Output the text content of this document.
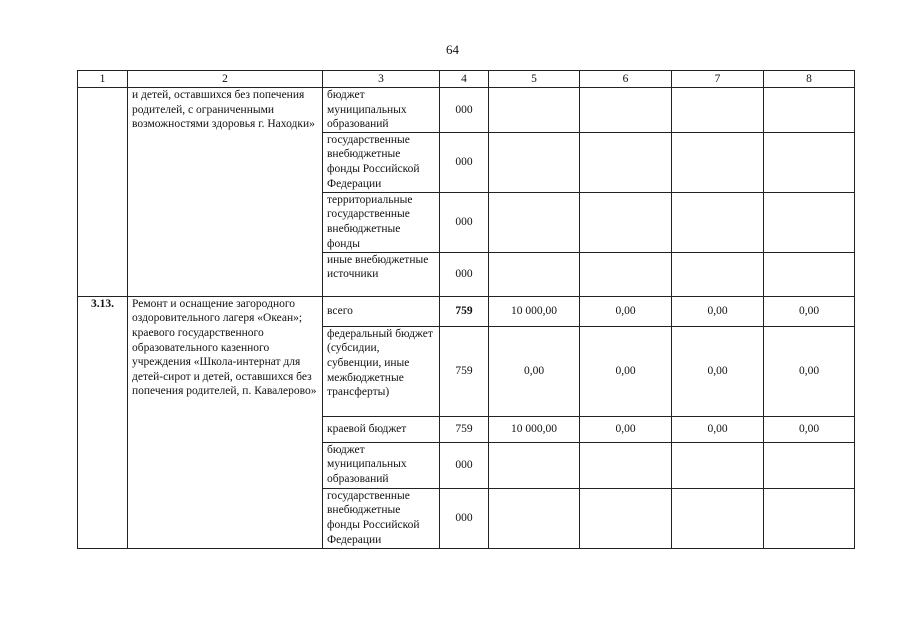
64
1	2	3	4	5	6	7	8
	и детей, оставшихся без попечения родителей, с ограниченными возможностями здоровья г. Находки»	бюджет муниципальных образований	000				
		государственные внебюджетные фонды Российской Федерации	000				
		территориальные государственные внебюджетные фонды	000				
		иные внебюджетные источники	000				
3.13.	Ремонт и оснащение загородного оздоровительного лагеря «Океан»; краевого государственного образовательного казенного учреждения «Школа-интернат для детей-сирот и детей, оставшихся без попечения родителей, п. Кавалерово»	всего	759	10 000,00	0,00	0,00	0,00
		федеральный бюджет (субсидии, субвенции, иные межбюджетные трансферты)	759	0,00	0,00	0,00	0,00
		краевой бюджет	759	10 000,00	0,00	0,00	0,00
		бюджет муниципальных образований	000				
		государственные внебюджетные фонды Российской Федерации	000				
